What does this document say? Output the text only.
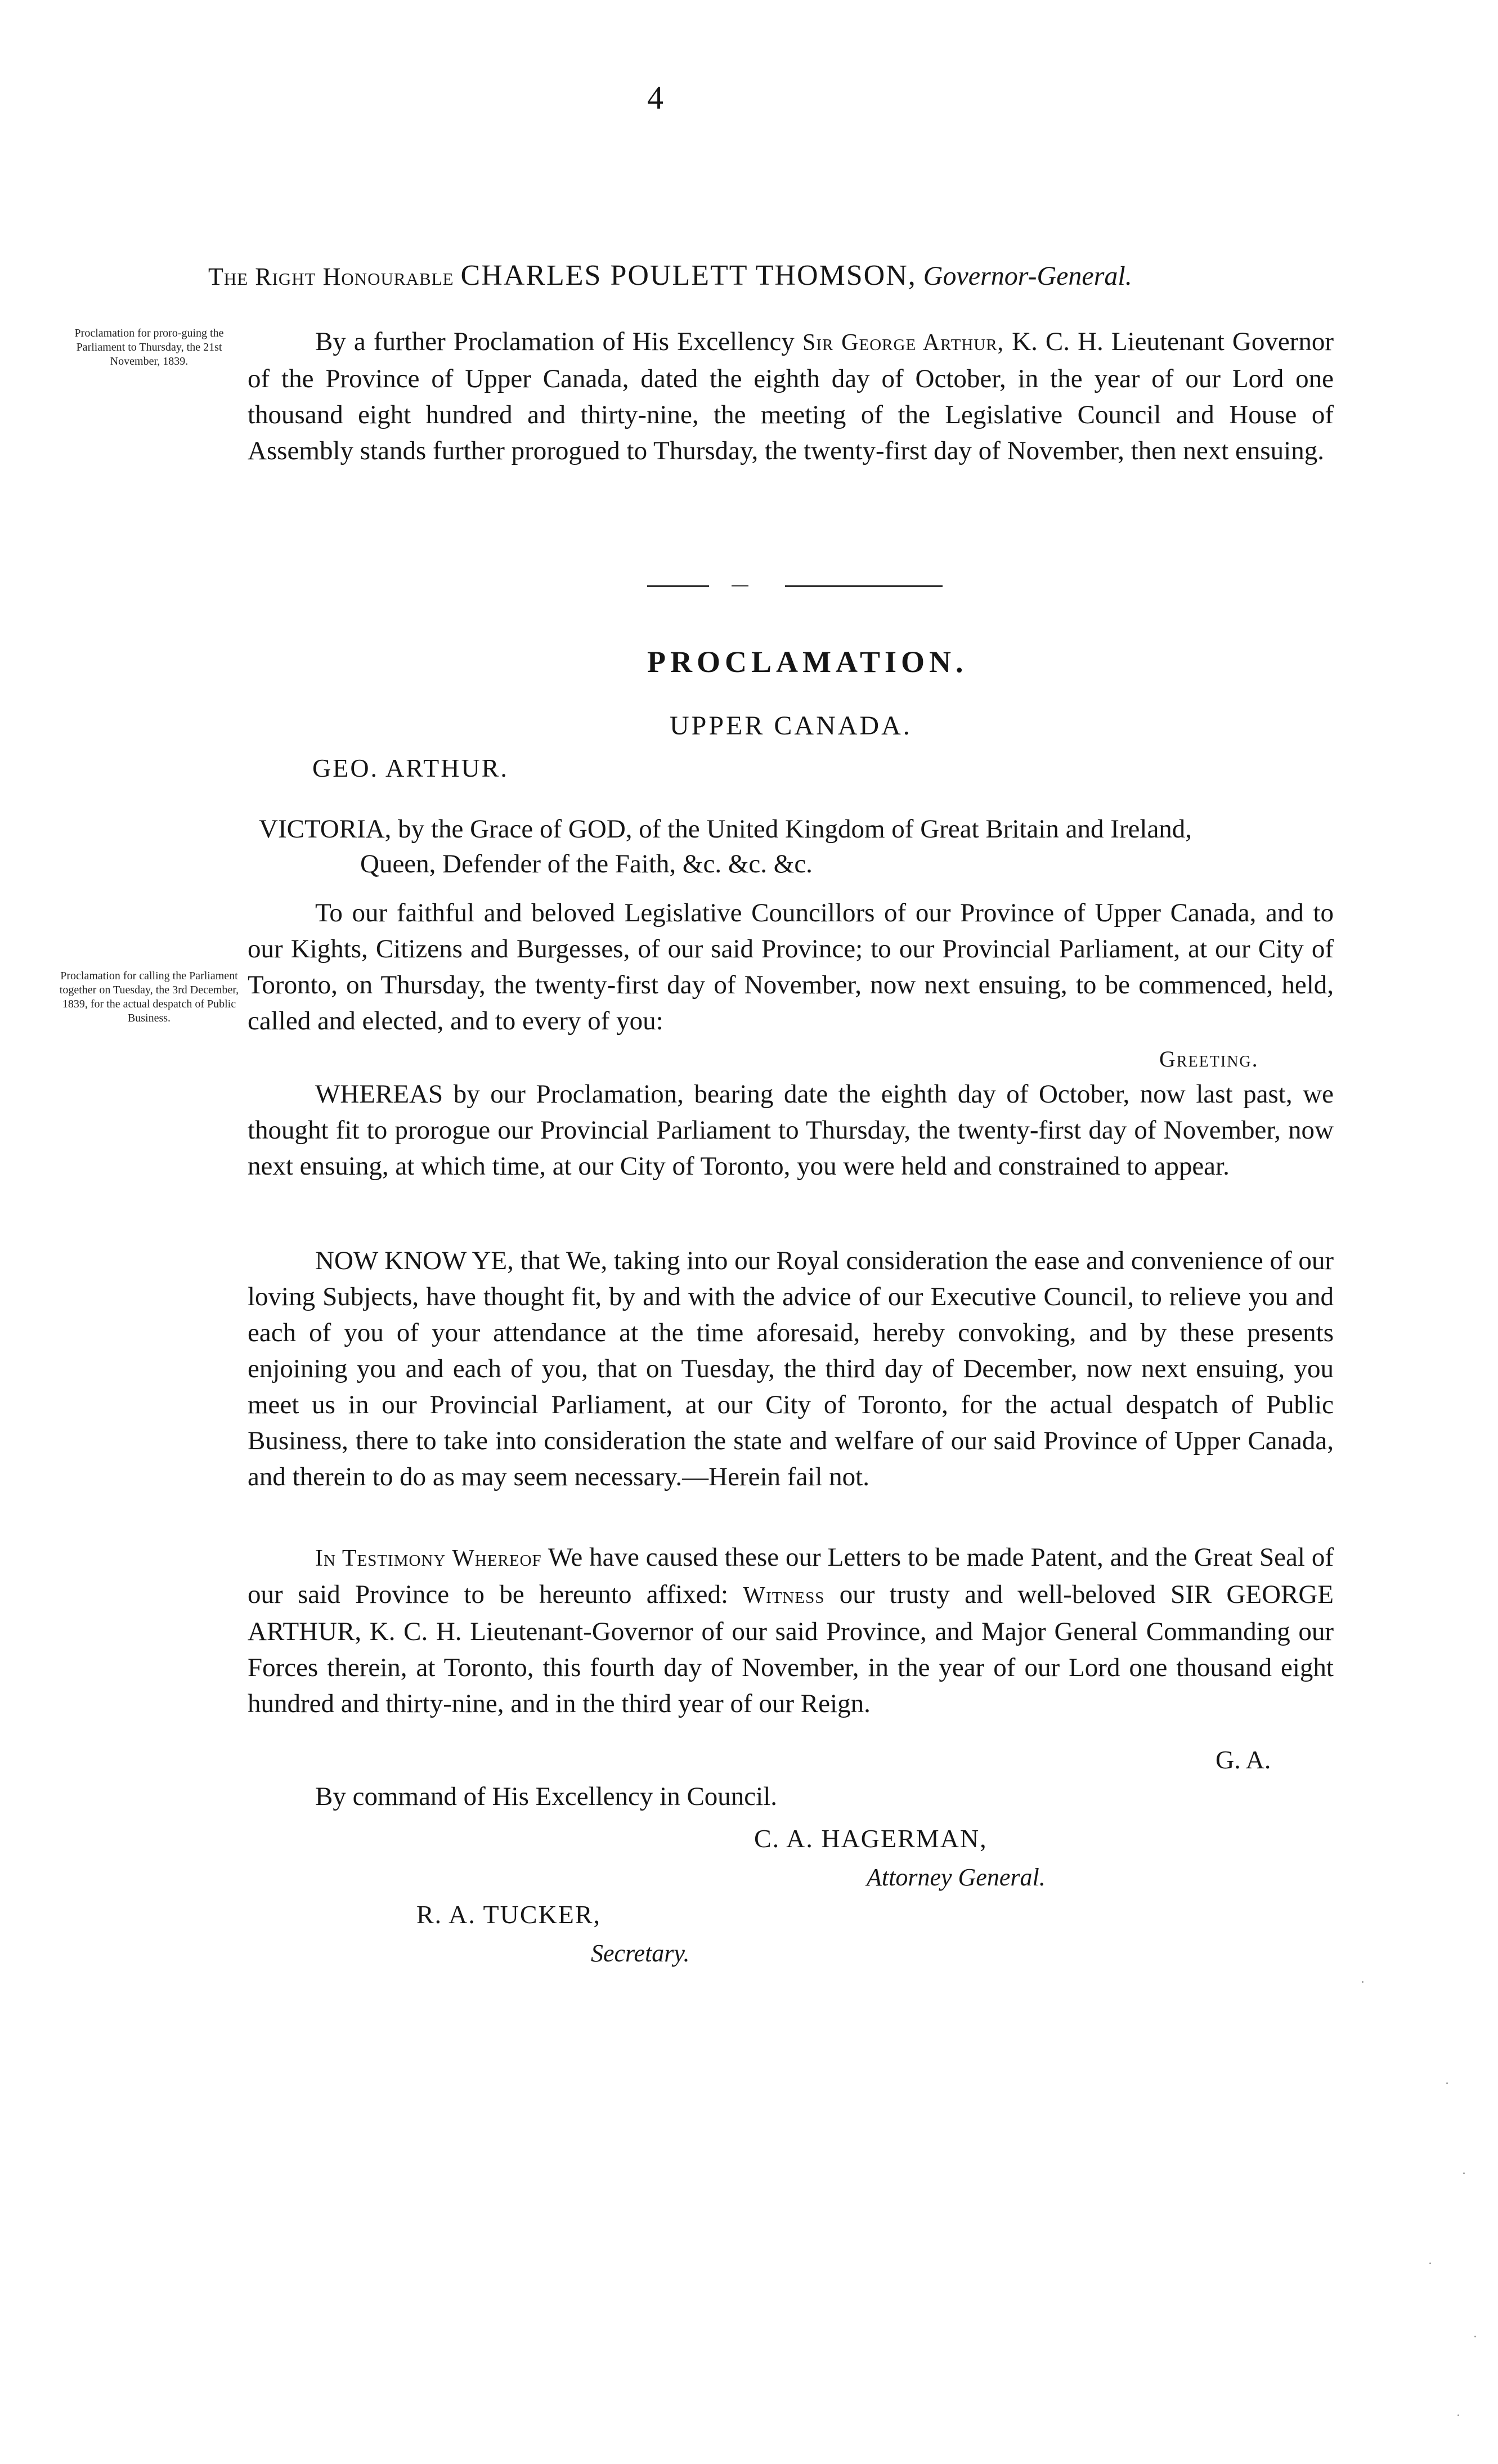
4
The Right Honourable CHARLES POULETT THOMSON, Governor-General.
Proclamation for proro-guing the Parliament to Thursday, the 21st November, 1839.
By a further Proclamation of His Excellency Sir George Arthur, K. C. H. Lieutenant Governor of the Province of Upper Canada, dated the eighth day of October, in the year of our Lord one thousand eight hundred and thirty-nine, the meeting of the Legislative Council and House of Assembly stands further prorogued to Thursday, the twenty-first day of November, then next ensuing.
PROCLAMATION.
UPPER CANADA.
GEO. ARTHUR.
VICTORIA, by the Grace of GOD, of the United Kingdom of Great Britain and Ireland,
Queen, Defender of the Faith, &c. &c. &c.
Proclamation for calling the Parliament together on Tuesday, the 3rd December, 1839, for the actual despatch of Public Business.
To our faithful and beloved Legislative Councillors of our Province of Upper Canada, and to our Kights, Citizens and Burgesses, of our said Province; to our Provincial Parliament, at our City of Toronto, on Thursday, the twenty-first day of November, now next ensuing, to be commenced, held, called and elected, and to every of you:
Greeting.
WHEREAS by our Proclamation, bearing date the eighth day of October, now last past, we thought fit to prorogue our Provincial Parliament to Thursday, the twenty-first day of November, now next ensuing, at which time, at our City of Toronto, you were held and constrained to appear.
NOW KNOW YE, that We, taking into our Royal consideration the ease and convenience of our loving Subjects, have thought fit, by and with the advice of our Executive Council, to relieve you and each of you of your attendance at the time aforesaid, hereby convoking, and by these presents enjoining you and each of you, that on Tuesday, the third day of December, now next ensuing, you meet us in our Provincial Parliament, at our City of Toronto, for the actual despatch of Public Business, there to take into consideration the state and welfare of our said Province of Upper Canada, and therein to do as may seem necessary.—Herein fail not.
In Testimony Whereof We have caused these our Letters to be made Patent, and the Great Seal of our said Province to be hereunto affixed: Witness our trusty and well-beloved SIR GEORGE ARTHUR, K. C. H. Lieutenant-Governor of our said Province, and Major General Commanding our Forces therein, at Toronto, this fourth day of November, in the year of our Lord one thousand eight hundred and thirty-nine, and in the third year of our Reign.
G. A.
By command of His Excellency in Council.
C. A. HAGERMAN,
Attorney General.
R. A. TUCKER,
Secretary.
